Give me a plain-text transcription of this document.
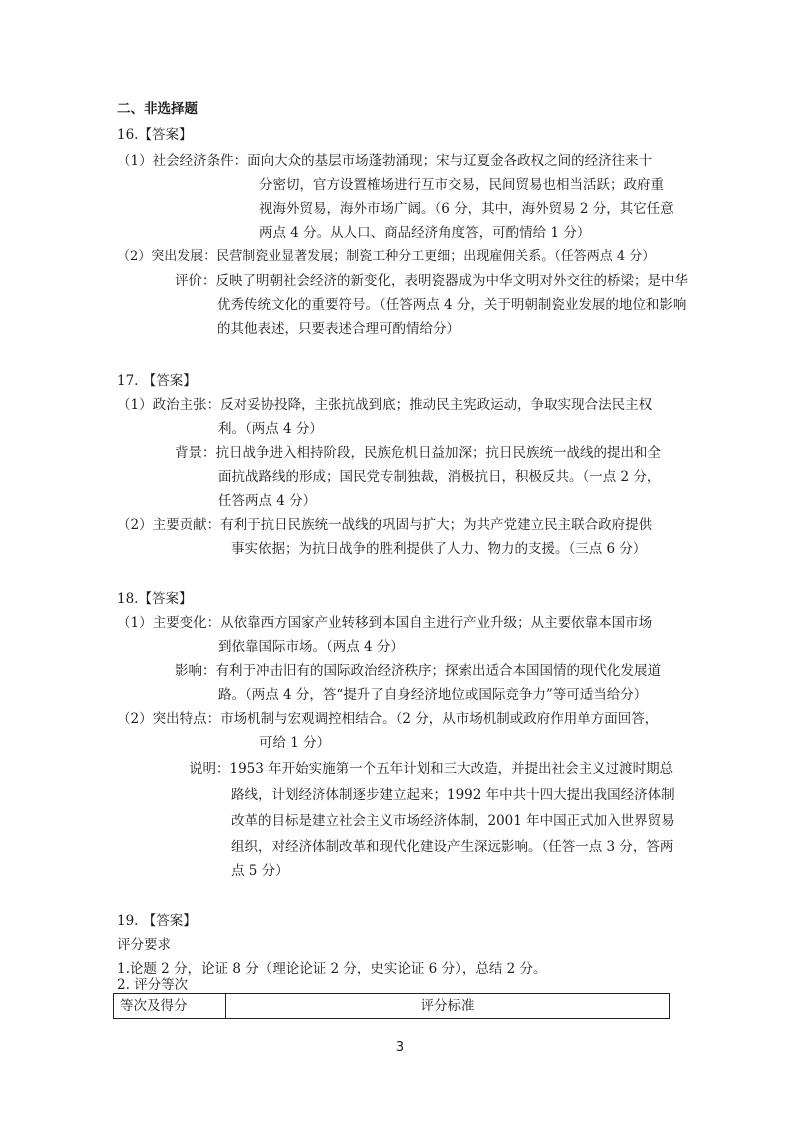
二、非选择题
16.【答案】
（1）社会经济条件：面向大众的基层市场蓬勃涌现；宋与辽夏金各政权之间的经济往来十
分密切，官方设置榷场进行互市交易，民间贸易也相当活跃；政府重
视海外贸易，海外市场广阔。（6 分，其中，海外贸易 2 分，其它任意
两点 4 分。从人口、商品经济角度答，可酌情给 1 分）
（2）突出发展：民营制瓷业显著发展；制瓷工种分工更细；出现雇佣关系。（任答两点 4 分）
评价：反映了明朝社会经济的新变化，表明瓷器成为中华文明对外交往的桥梁；是中华
优秀传统文化的重要符号。（任答两点 4 分，关于明朝制瓷业发展的地位和影响
的其他表述，只要表述合理可酌情给分）
17. 【答案】
（1）政治主张：反对妥协投降，主张抗战到底；推动民主宪政运动，争取实现合法民主权
利。（两点 4 分）
背景：抗日战争进入相持阶段，民族危机日益加深；抗日民族统一战线的提出和全
面抗战路线的形成；国民党专制独裁，消极抗日，积极反共。（一点 2 分，
任答两点 4 分）
（2）主要贡献：有利于抗日民族统一战线的巩固与扩大；为共产党建立民主联合政府提供
事实依据；为抗日战争的胜利提供了人力、物力的支援。（三点 6 分）
18.【答案】
（1）主要变化：从依靠西方国家产业转移到本国自主进行产业升级；从主要依靠本国市场
到依靠国际市场。（两点 4 分）
影响：有利于冲击旧有的国际政治经济秩序；探索出适合本国国情的现代化发展道
路。（两点 4 分，答“提升了自身经济地位或国际竞争力”等可适当给分）
（2）突出特点：市场机制与宏观调控相结合。（2 分，从市场机制或政府作用单方面回答，
可给 1 分）
说明：1953 年开始实施第一个五年计划和三大改造，并提出社会主义过渡时期总
路线，计划经济体制逐步建立起来；1992 年中共十四大提出我国经济体制
改革的目标是建立社会主义市场经济体制，2001 年中国正式加入世界贸易
组织，对经济体制改革和现代化建设产生深远影响。（任答一点 3 分，答两
点 5 分）
19. 【答案】
评分要求
1.论题 2 分，论证 8 分（理论论证 2 分，史实论证 6 分），总结 2 分。
2. 评分等次
等次及得分	评分标准
3
